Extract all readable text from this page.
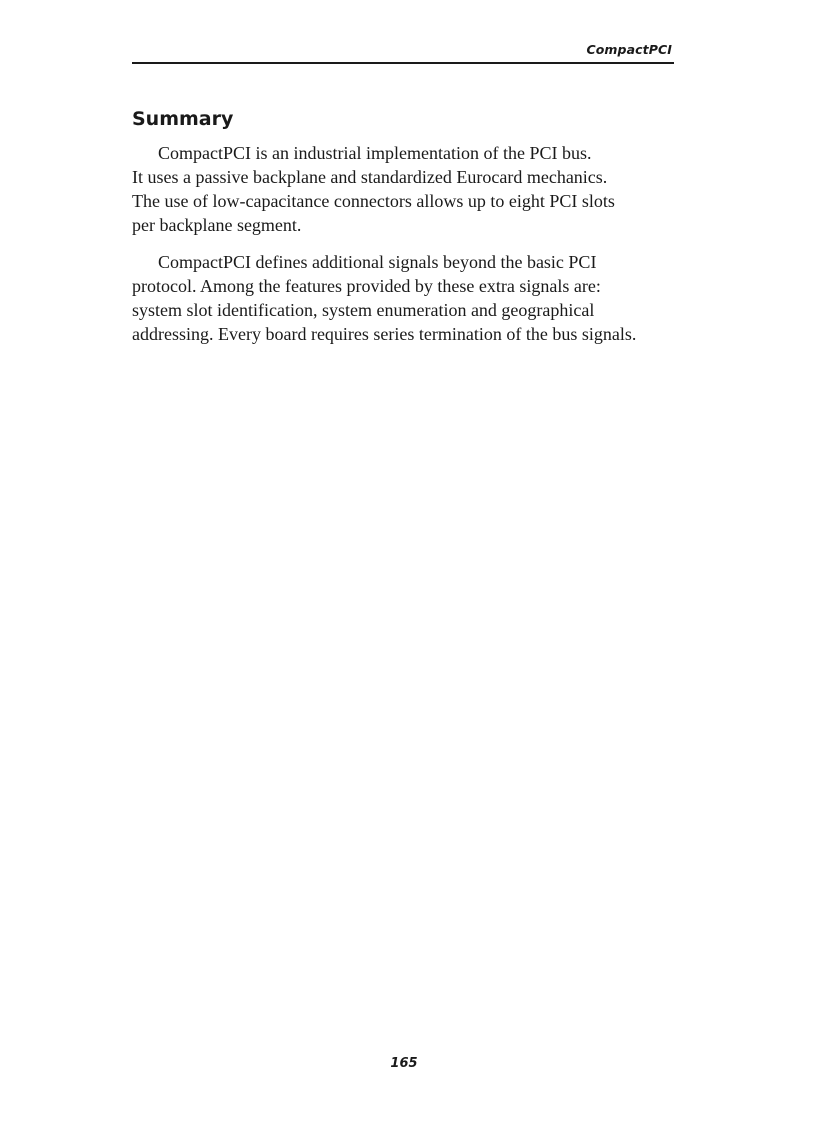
CompactPCI
Summary

CompactPCI is an industrial implementation of the PCI bus.
It uses a passive backplane and standardized Eurocard mechanics.
The use of low-capacitance connectors allows up to eight PCI slots
per backplane segment.

CompactPCI defines additional signals beyond the basic PCI
protocol. Among the features provided by these extra signals are:
system slot identification, system enumeration and geographical
addressing. Every board requires series termination of the bus signals.

165
